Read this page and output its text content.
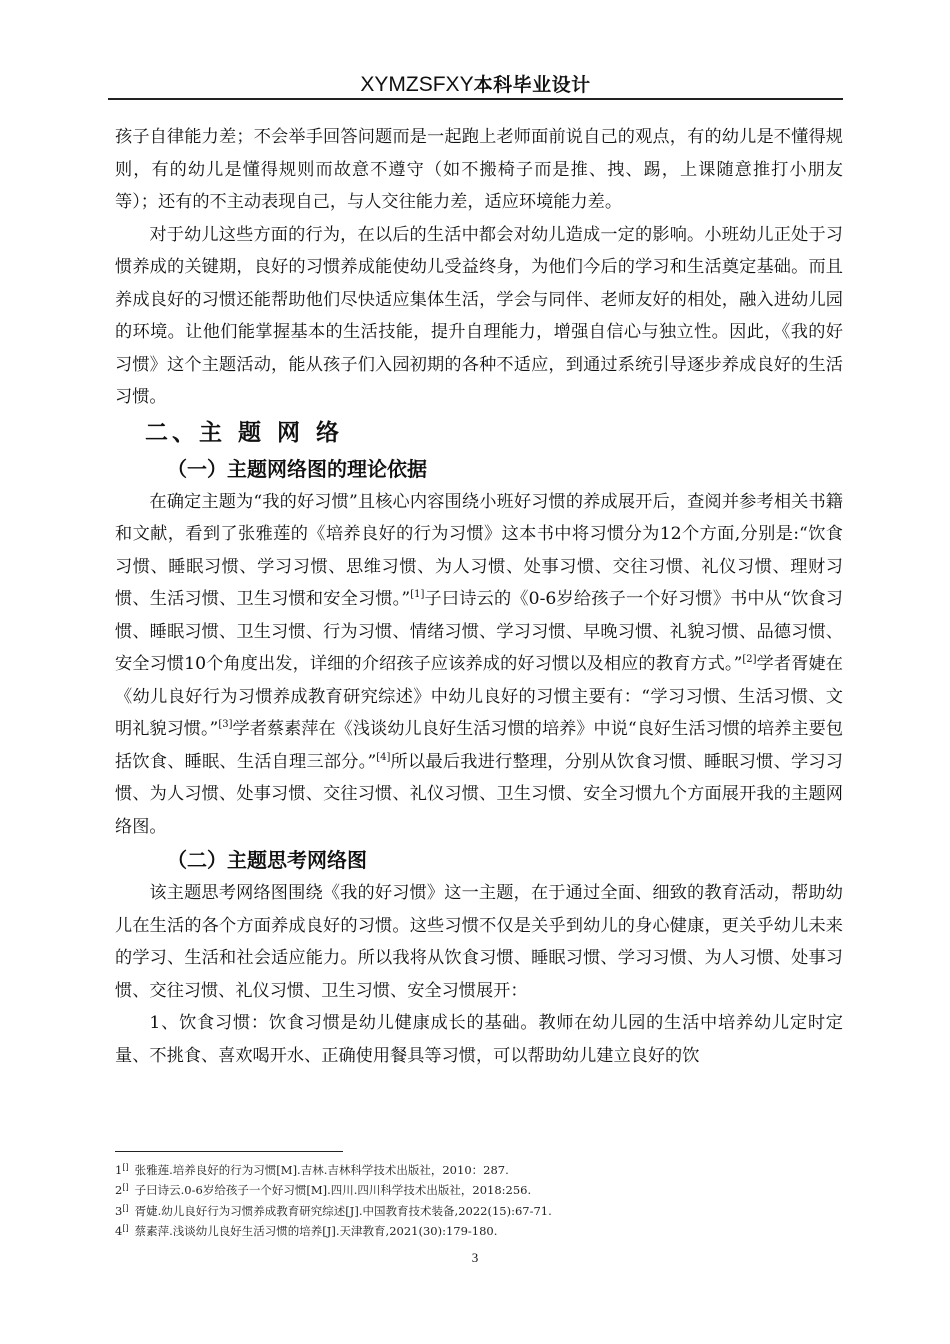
XYMZSFXY本科毕业设计

孩子自律能力差；不会举手回答问题而是一起跑上老师面前说自己的观点，有的幼儿是不懂得规则，有的幼儿是懂得规则而故意不遵守（如不搬椅子而是推、拽、踢，上课随意推打小朋友等）；还有的不主动表现自己，与人交往能力差，适应环境能力差。

对于幼儿这些方面的行为，在以后的生活中都会对幼儿造成一定的影响。小班幼儿正处于习惯养成的关键期，良好的习惯养成能使幼儿受益终身，为他们今后的学习和生活奠定基础。而且养成良好的习惯还能帮助他们尽快适应集体生活，学会与同伴、老师友好的相处，融入进幼儿园的环境。让他们能掌握基本的生活技能，提升自理能力，增强自信心与独立性。因此，《我的好习惯》这个主题活动，能从孩子们入园初期的各种不适应，到通过系统引导逐步养成良好的生活习惯。

二、主 题 网 络
（一）主题网络图的理论依据

在确定主题为“我的好习惯”且核心内容围绕小班好习惯的养成展开后，查阅并参考相关书籍和文献，看到了张雅莲的《培养良好的行为习惯》这本书中将习惯分为12个方面,分别是:“饮食习惯、睡眠习惯、学习习惯、思维习惯、为人习惯、处事习惯、交往习惯、礼仪习惯、理财习惯、生活习惯、卫生习惯和安全习惯。”[1]子曰诗云的《0-6岁给孩子一个好习惯》书中从“饮食习惯、睡眠习惯、卫生习惯、行为习惯、情绪习惯、学习习惯、早晚习惯、礼貌习惯、品德习惯、安全习惯10个角度出发，详细的介绍孩子应该养成的好习惯以及相应的教育方式。”[2]学者胥婕在《幼儿良好行为习惯养成教育研究综述》中幼儿良好的习惯主要有：“学习习惯、生活习惯、文明礼貌习惯。”[3]学者蔡素萍在《浅谈幼儿良好生活习惯的培养》中说“良好生活习惯的培养主要包括饮食、睡眠、生活自理三部分。”[4]所以最后我进行整理，分别从饮食习惯、睡眠习惯、学习习惯、为人习惯、处事习惯、交往习惯、礼仪习惯、卫生习惯、安全习惯九个方面展开我的主题网络图。

（二）主题思考网络图

该主题思考网络图围绕《我的好习惯》这一主题，在于通过全面、细致的教育活动，帮助幼儿在生活的各个方面养成良好的习惯。这些习惯不仅是关乎到幼儿的身心健康，更关乎幼儿未来的学习、生活和社会适应能力。所以我将从饮食习惯、睡眠习惯、学习习惯、为人习惯、处事习惯、交往习惯、礼仪习惯、卫生习惯、安全习惯展开：

1、饮食习惯：饮食习惯是幼儿健康成长的基础。教师在幼儿园的生活中培养幼儿定时定量、不挑食、喜欢喝开水、正确使用餐具等习惯，可以帮助幼儿建立良好的饮

1[] 张雅莲.培养良好的行为习惯[M].吉林.吉林科学技术出版社，2010：287.
2[] 子曰诗云.0-6岁给孩子一个好习惯[M].四川.四川科学技术出版社，2018:256.
3[] 胥婕.幼儿良好行为习惯养成教育研究综述[J].中国教育技术装备,2022(15):67-71.
4[] 蔡素萍.浅谈幼儿良好生活习惯的培养[J].天津教育,2021(30):179-180.
3
